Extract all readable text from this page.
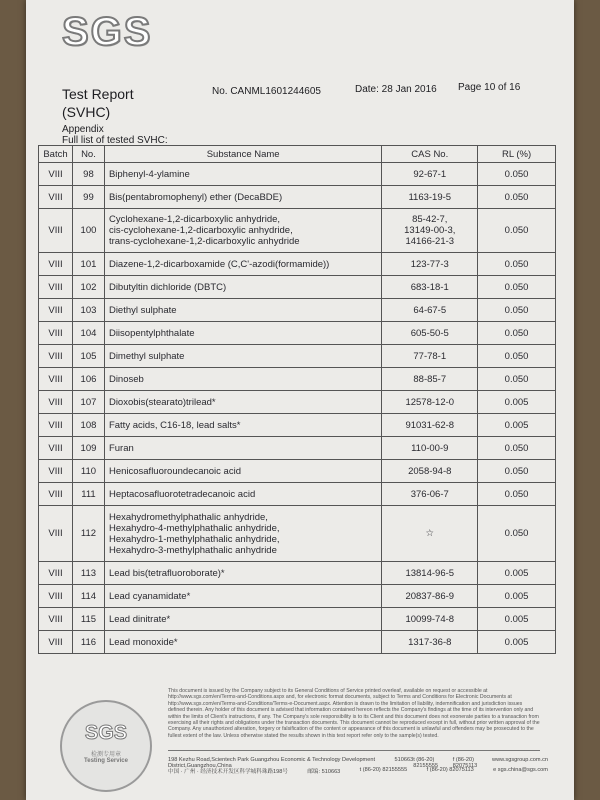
SGS
Test Report	No. CANML1601244605	Date: 28 Jan 2016 Page 10 of 16
(SVHC)
Appendix
Full list of tested SVHC:
Batch	No.	Substance Name	CAS No.	RL (%)
VIII	98	Biphenyl-4-ylamine	92-67-1	0.050
VIII	99	Bis(pentabromophenyl) ether (DecaBDE)	1163-19-5	0.050
VIII	100	Cyclohexane-1,2-dicarboxylic anhydride,
cis-cyclohexane-1,2-dicarboxylic anhydride,
trans-cyclohexane-1,2-dicarboxylic anhydride	85-42-7,
13149-00-3,
14166-21-3	0.050
VIII	101	Diazene-1,2-dicarboxamide (C,C'-azodi(formamide))	123-77-3	0.050
VIII	102	Dibutyltin dichloride (DBTC)	683-18-1	0.050
VIII	103	Diethyl sulphate	64-67-5	0.050
VIII	104	Diisopentylphthalate	605-50-5	0.050
VIII	105	Dimethyl sulphate	77-78-1	0.050
VIII	106	Dinoseb	88-85-7	0.050
VIII	107	Dioxobis(stearato)trilead*	12578-12-0	0.005
VIII	108	Fatty acids, C16-18, lead salts*	91031-62-8	0.005
VIII	109	Furan	110-00-9	0.050
VIII	110	Henicosafluoroundecanoic acid	2058-94-8	0.050
VIII	111	Heptacosafluorotetradecanoic acid	376-06-7	0.050
VIII	112	Hexahydromethylphathalic anhydride,
Hexahydro-4-methylphathalic anhydride,
Hexahydro-1-methylphathalic anhydride,
Hexahydro-3-methylphathalic anhydride	☆	0.050
VIII	113	Lead bis(tetrafluoroborate)*	13814-96-5	0.005
VIII	114	Lead cyanamidate*	20837-86-9	0.005
VIII	115	Lead dinitrate*	10099-74-8	0.005
VIII	116	Lead monoxide*	1317-36-8	0.005
SGS
检测专用章
Testing Service
This document is issued by the Company subject to its General Conditions of Service printed overleaf, available on request or accessible at http://www.sgs.com/en/Terms-and-Conditions.aspx and, for electronic format documents, subject to Terms and Conditions for Electronic Documents at http://www.sgs.com/en/Terms-and-Conditions/Terms-e-Document.aspx. Attention is drawn to the limitation of liability, indemnification and jurisdiction issues defined therein. Any holder of this document is advised that information contained hereon reflects the Company's findings at the time of its intervention only and within the limits of Client's instructions, if any. The Company's sole responsibility is to its Client and this document does not exonerate parties to a transaction from exercising all their rights and obligations under the transaction documents. This document cannot be reproduced except in full, without prior written approval of the Company. Any unauthorized alteration, forgery or falsification of the content or appearance of this document is unlawful and offenders may be prosecuted to the fullest extent of the law. Unless otherwise stated the results shown in this test report refer only to the sample(s) tested.
198 Kezhu Road,Scientech Park Guangzhou Economic & Technology Development District,Guangzhou,China
510663 t (86-20) 82155555
f (86-20) 82075113
www.sgsgroup.com.cn
中国 · 广州 · 经济技术开发区科学城科珠路198号	邮编: 510663	t (86-20) 82155555	f (86-20) 82075113	e sgs.china@sgs.com
